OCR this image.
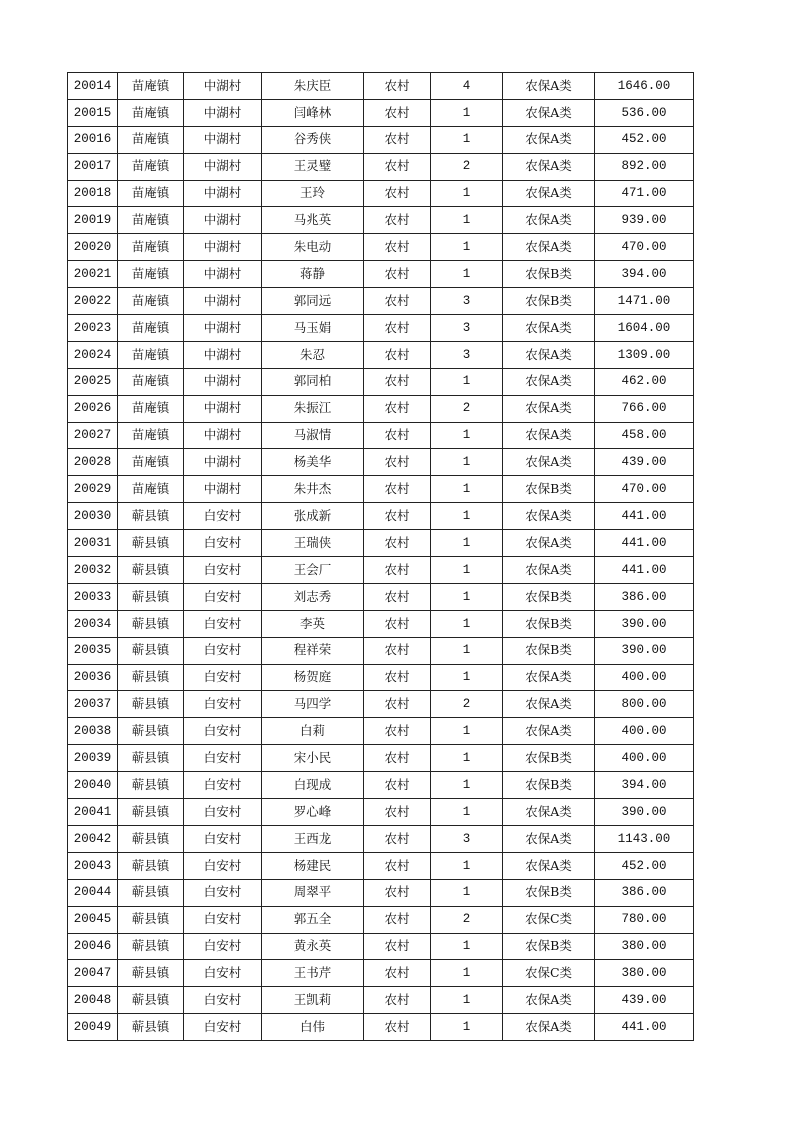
20014	苗庵镇	中湖村	朱庆臣	农村	4	农保A类	1646.00
20015	苗庵镇	中湖村	闫峰林	农村	1	农保A类	536.00
20016	苗庵镇	中湖村	谷秀侠	农村	1	农保A类	452.00
20017	苗庵镇	中湖村	王灵璧	农村	2	农保A类	892.00
20018	苗庵镇	中湖村	王玲	农村	1	农保A类	471.00
20019	苗庵镇	中湖村	马兆英	农村	1	农保A类	939.00
20020	苗庵镇	中湖村	朱电动	农村	1	农保A类	470.00
20021	苗庵镇	中湖村	蒋静	农村	1	农保B类	394.00
20022	苗庵镇	中湖村	郭同远	农村	3	农保B类	1471.00
20023	苗庵镇	中湖村	马玉娟	农村	3	农保A类	1604.00
20024	苗庵镇	中湖村	朱忍	农村	3	农保A类	1309.00
20025	苗庵镇	中湖村	郭同柏	农村	1	农保A类	462.00
20026	苗庵镇	中湖村	朱振江	农村	2	农保A类	766.00
20027	苗庵镇	中湖村	马淑情	农村	1	农保A类	458.00
20028	苗庵镇	中湖村	杨美华	农村	1	农保A类	439.00
20029	苗庵镇	中湖村	朱井杰	农村	1	农保B类	470.00
20030	蕲县镇	白安村	张成新	农村	1	农保A类	441.00
20031	蕲县镇	白安村	王瑞侠	农村	1	农保A类	441.00
20032	蕲县镇	白安村	王会厂	农村	1	农保A类	441.00
20033	蕲县镇	白安村	刘志秀	农村	1	农保B类	386.00
20034	蕲县镇	白安村	李英	农村	1	农保B类	390.00
20035	蕲县镇	白安村	程祥荣	农村	1	农保B类	390.00
20036	蕲县镇	白安村	杨贺庭	农村	1	农保A类	400.00
20037	蕲县镇	白安村	马四学	农村	2	农保A类	800.00
20038	蕲县镇	白安村	白莉	农村	1	农保A类	400.00
20039	蕲县镇	白安村	宋小民	农村	1	农保B类	400.00
20040	蕲县镇	白安村	白现成	农村	1	农保B类	394.00
20041	蕲县镇	白安村	罗心峰	农村	1	农保A类	390.00
20042	蕲县镇	白安村	王西龙	农村	3	农保A类	1143.00
20043	蕲县镇	白安村	杨建民	农村	1	农保A类	452.00
20044	蕲县镇	白安村	周翠平	农村	1	农保B类	386.00
20045	蕲县镇	白安村	郭五全	农村	2	农保C类	780.00
20046	蕲县镇	白安村	黄永英	农村	1	农保B类	380.00
20047	蕲县镇	白安村	王书芹	农村	1	农保C类	380.00
20048	蕲县镇	白安村	王凯莉	农村	1	农保A类	439.00
20049	蕲县镇	白安村	白伟	农村	1	农保A类	441.00
